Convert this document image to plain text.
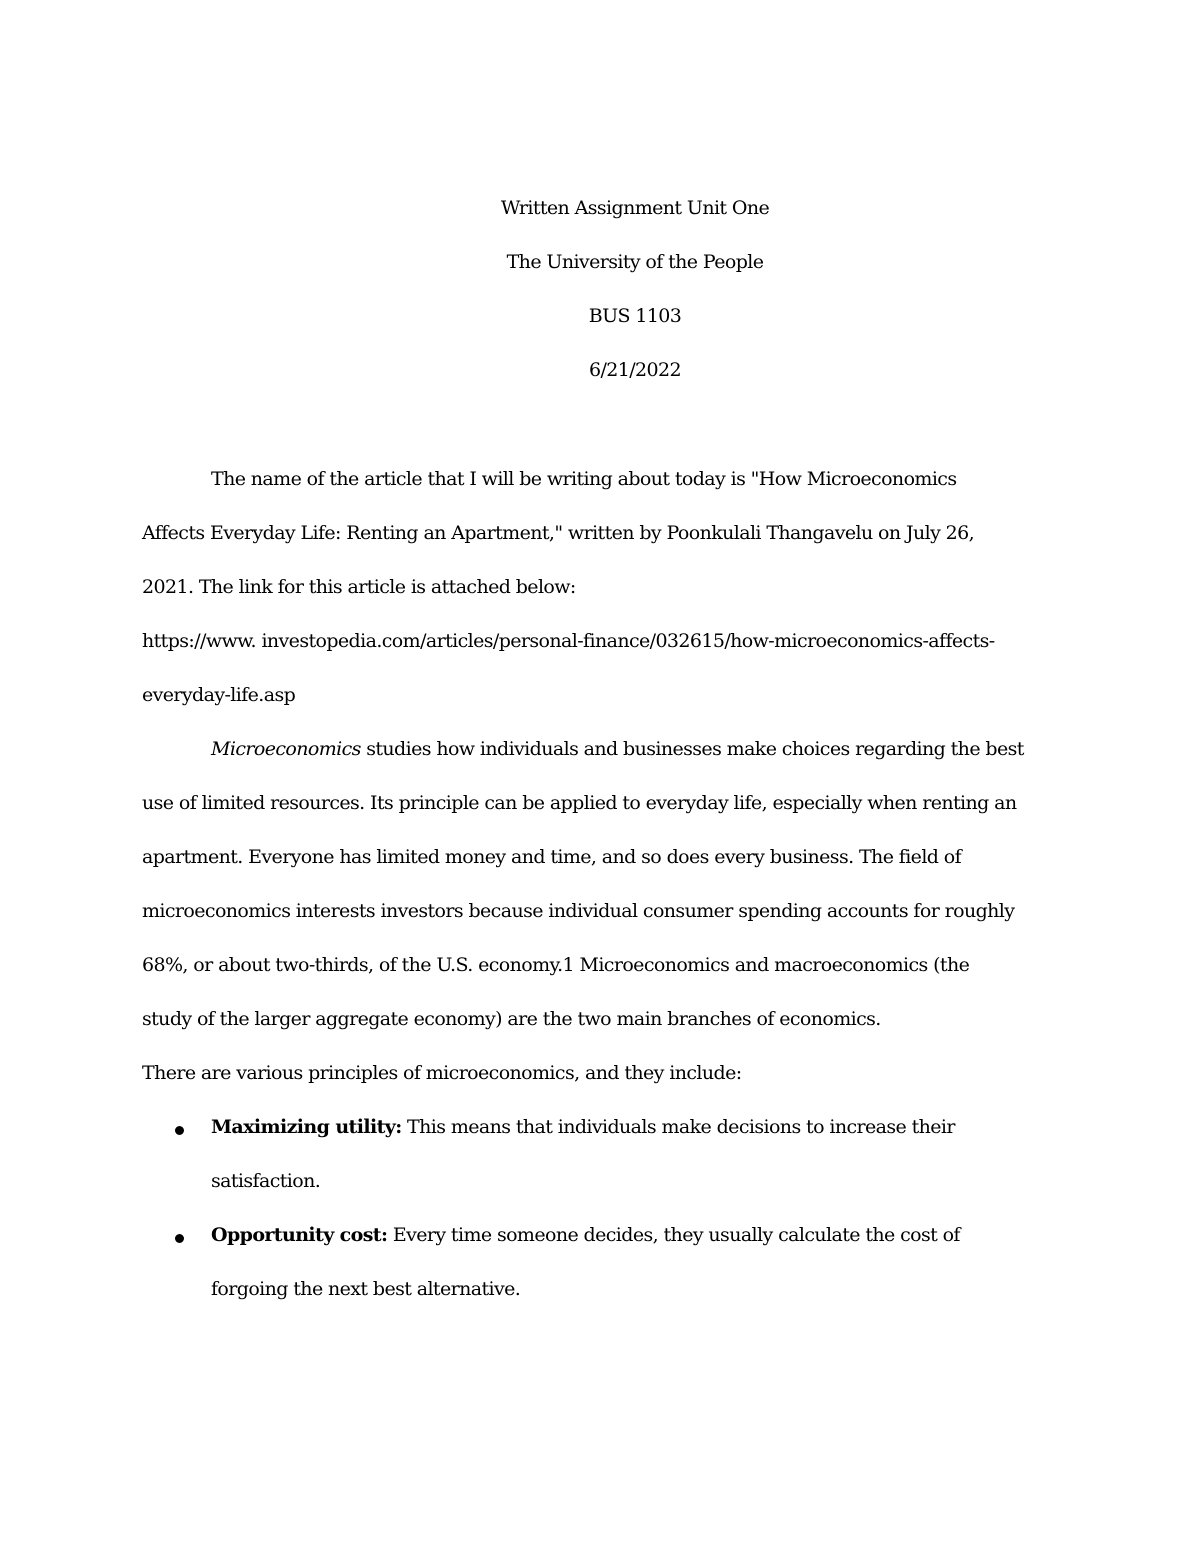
Written Assignment Unit One
The University of the People
BUS 1103
6/21/2022
The name of the article that I will be writing about today is "How Microeconomics
Affects Everyday Life: Renting an Apartment," written by Poonkulali Thangavelu on July 26,
2021. The link for this article is attached below:
https://www. investopedia.com/articles/personal-finance/032615/how-microeconomics-affects-
everyday-life.asp
Microeconomics studies how individuals and businesses make choices regarding the best
use of limited resources. Its principle can be applied to everyday life, especially when renting an
apartment. Everyone has limited money and time, and so does every business. The field of
microeconomics interests investors because individual consumer spending accounts for roughly
68%, or about two-thirds, of the U.S. economy.1 Microeconomics and macroeconomics (the
study of the larger aggregate economy) are the two main branches of economics.
There are various principles of microeconomics, and they include:
Maximizing utility: This means that individuals make decisions to increase their
satisfaction.
Opportunity cost: Every time someone decides, they usually calculate the cost of
forgoing the next best alternative.
